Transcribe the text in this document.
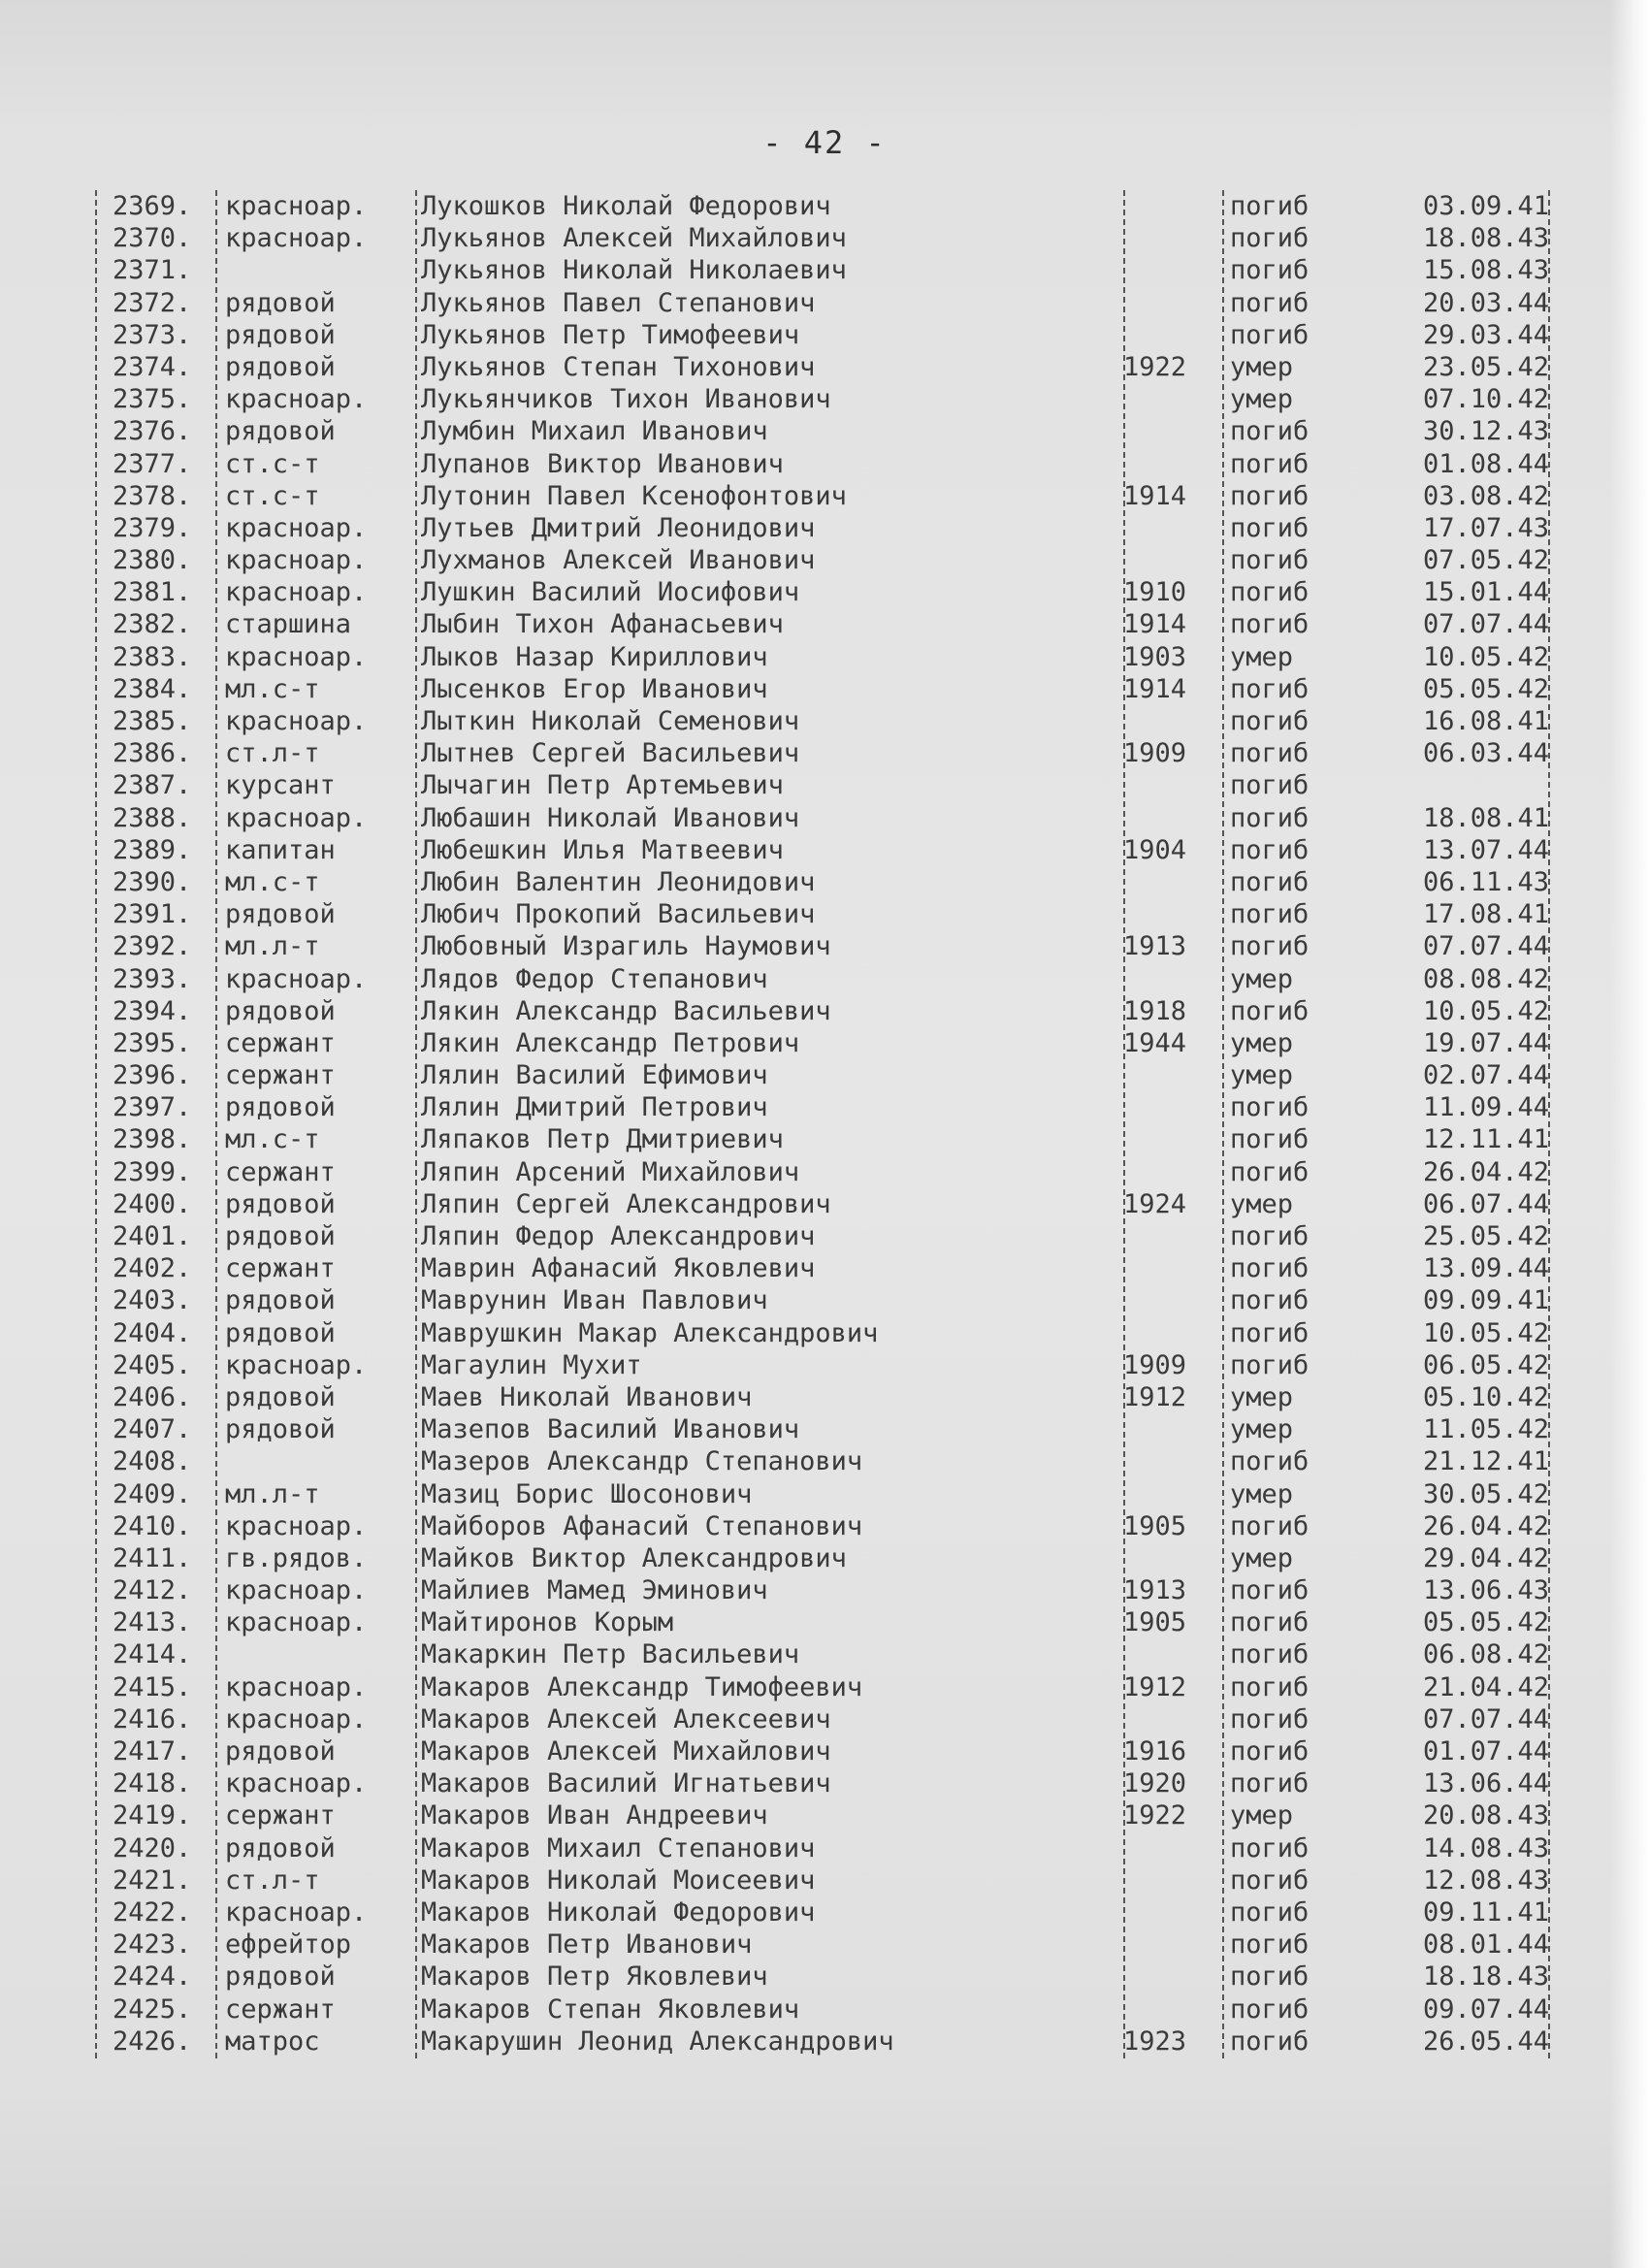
- 42 -
2369. красноар. Лукошков Николай Федорович	погиб	03.09.41
2370. красноар. Лукьянов Алексей Михайлович	погиб	18.08.43
2371.	Лукьянов Николай Николаевич	погиб	15.08.43
2372. рядовой	Лукьянов Павел Степанович	погиб	20.03.44
2373. рядовой	Лукьянов Петр Тимофеевич	погиб	29.03.44
2374. рядовой	Лукьянов Степан Тихонович	1922 умер	23.05.42
2375. красноар. Лукьянчиков Тихон Иванович	умер	07.10.42
2376. рядовой	Лумбин Михаил Иванович	погиб	30.12.43
2377. ст.с-т	Лупанов Виктор Иванович	погиб	01.08.44
2378. ст.с-т	Лутонин Павел Ксенофонтович	1914 погиб	03.08.42
2379. красноар. Лутьев Дмитрий Леонидович	погиб	17.07.43
2380. красноар. Лухманов Алексей Иванович	погиб	07.05.42
2381. красноар. Лушкин Василий Иосифович	1910 погиб	15.01.44
2382. старшина	Лыбин Тихон Афанасьевич	1914 погиб	07.07.44
2383. красноар. Лыков Назар Кириллович	1903 умер	10.05.42
2384. мл.с-т	Лысенков Егор Иванович	1914 погиб	05.05.42
2385. красноар. Лыткин Николай Семенович	погиб	16.08.41
2386. ст.л-т	Лытнев Сергей Васильевич	1909 погиб	06.03.44
2387. курсант	Лычагин Петр Артемьевич	погиб
2388. красноар. Любашин Николай Иванович	погиб	18.08.41
2389. капитан	Любешкин Илья Матвеевич	1904 погиб	13.07.44
2390. мл.с-т	Любин Валентин Леонидович	погиб	06.11.43
2391. рядовой	Любич Прокопий Васильевич	погиб	17.08.41
2392. мл.л-т	Любовный Израгиль Наумович	1913 погиб	07.07.44
2393. красноар. Лядов Федор Степанович	умер	08.08.42
2394. рядовой	Лякин Александр Васильевич	1918 погиб	10.05.42
2395. сержант	Лякин Александр Петрович	1944 умер	19.07.44
2396. сержант	Лялин Василий Ефимович	умер	02.07.44
2397. рядовой	Лялин Дмитрий Петрович	погиб	11.09.44
2398. мл.с-т	Ляпаков Петр Дмитриевич	погиб	12.11.41
2399. сержант	Ляпин Арсений Михайлович	погиб	26.04.42
2400. рядовой	Ляпин Сергей Александрович	1924 умер	06.07.44
2401. рядовой	Ляпин Федор Александрович	погиб	25.05.42
2402. сержант	Маврин Афанасий Яковлевич	погиб	13.09.44
2403. рядовой	Маврунин Иван Павлович	погиб	09.09.41
2404. рядовой	Маврушкин Макар Александрович	погиб	10.05.42
2405. красноар. Магаулин Мухит	1909 погиб	06.05.42
2406. рядовой	Маев Николай Иванович	1912 умер	05.10.42
2407. рядовой	Мазепов Василий Иванович	умер	11.05.42
2408.	Мазеров Александр Степанович	погиб	21.12.41
2409. мл.л-т	Мазиц Борис Шосонович	умер	30.05.42
2410. красноар. Майборов Афанасий Степанович	1905 погиб	26.04.42
2411. гв.рядов. Майков Виктор Александрович	умер	29.04.42
2412. красноар. Майлиев Мамед Эминович	1913 погиб	13.06.43
2413. красноар. Майтиронов Корым	1905 погиб	05.05.42
2414.	Макаркин Петр Васильевич	погиб	06.08.42
2415. красноар. Макаров Александр Тимофеевич	1912 погиб	21.04.42
2416. красноар. Макаров Алексей Алексеевич	погиб	07.07.44
2417. рядовой	Макаров Алексей Михайлович	1916 погиб	01.07.44
2418. красноар. Макаров Василий Игнатьевич	1920 погиб	13.06.44
2419. сержант	Макаров Иван Андреевич	1922 умер	20.08.43
2420. рядовой	Макаров Михаил Степанович	погиб	14.08.43
2421. ст.л-т	Макаров Николай Моисеевич	погиб	12.08.43
2422. красноар. Макаров Николай Федорович	погиб	09.11.41
2423. ефрейтор	Макаров Петр Иванович	погиб	08.01.44
2424. рядовой	Макаров Петр Яковлевич	погиб	18.18.43
2425. сержант	Макаров Степан Яковлевич	погиб	09.07.44
2426. матрос	Макарушин Леонид Александрович	1923 погиб	26.05.44
